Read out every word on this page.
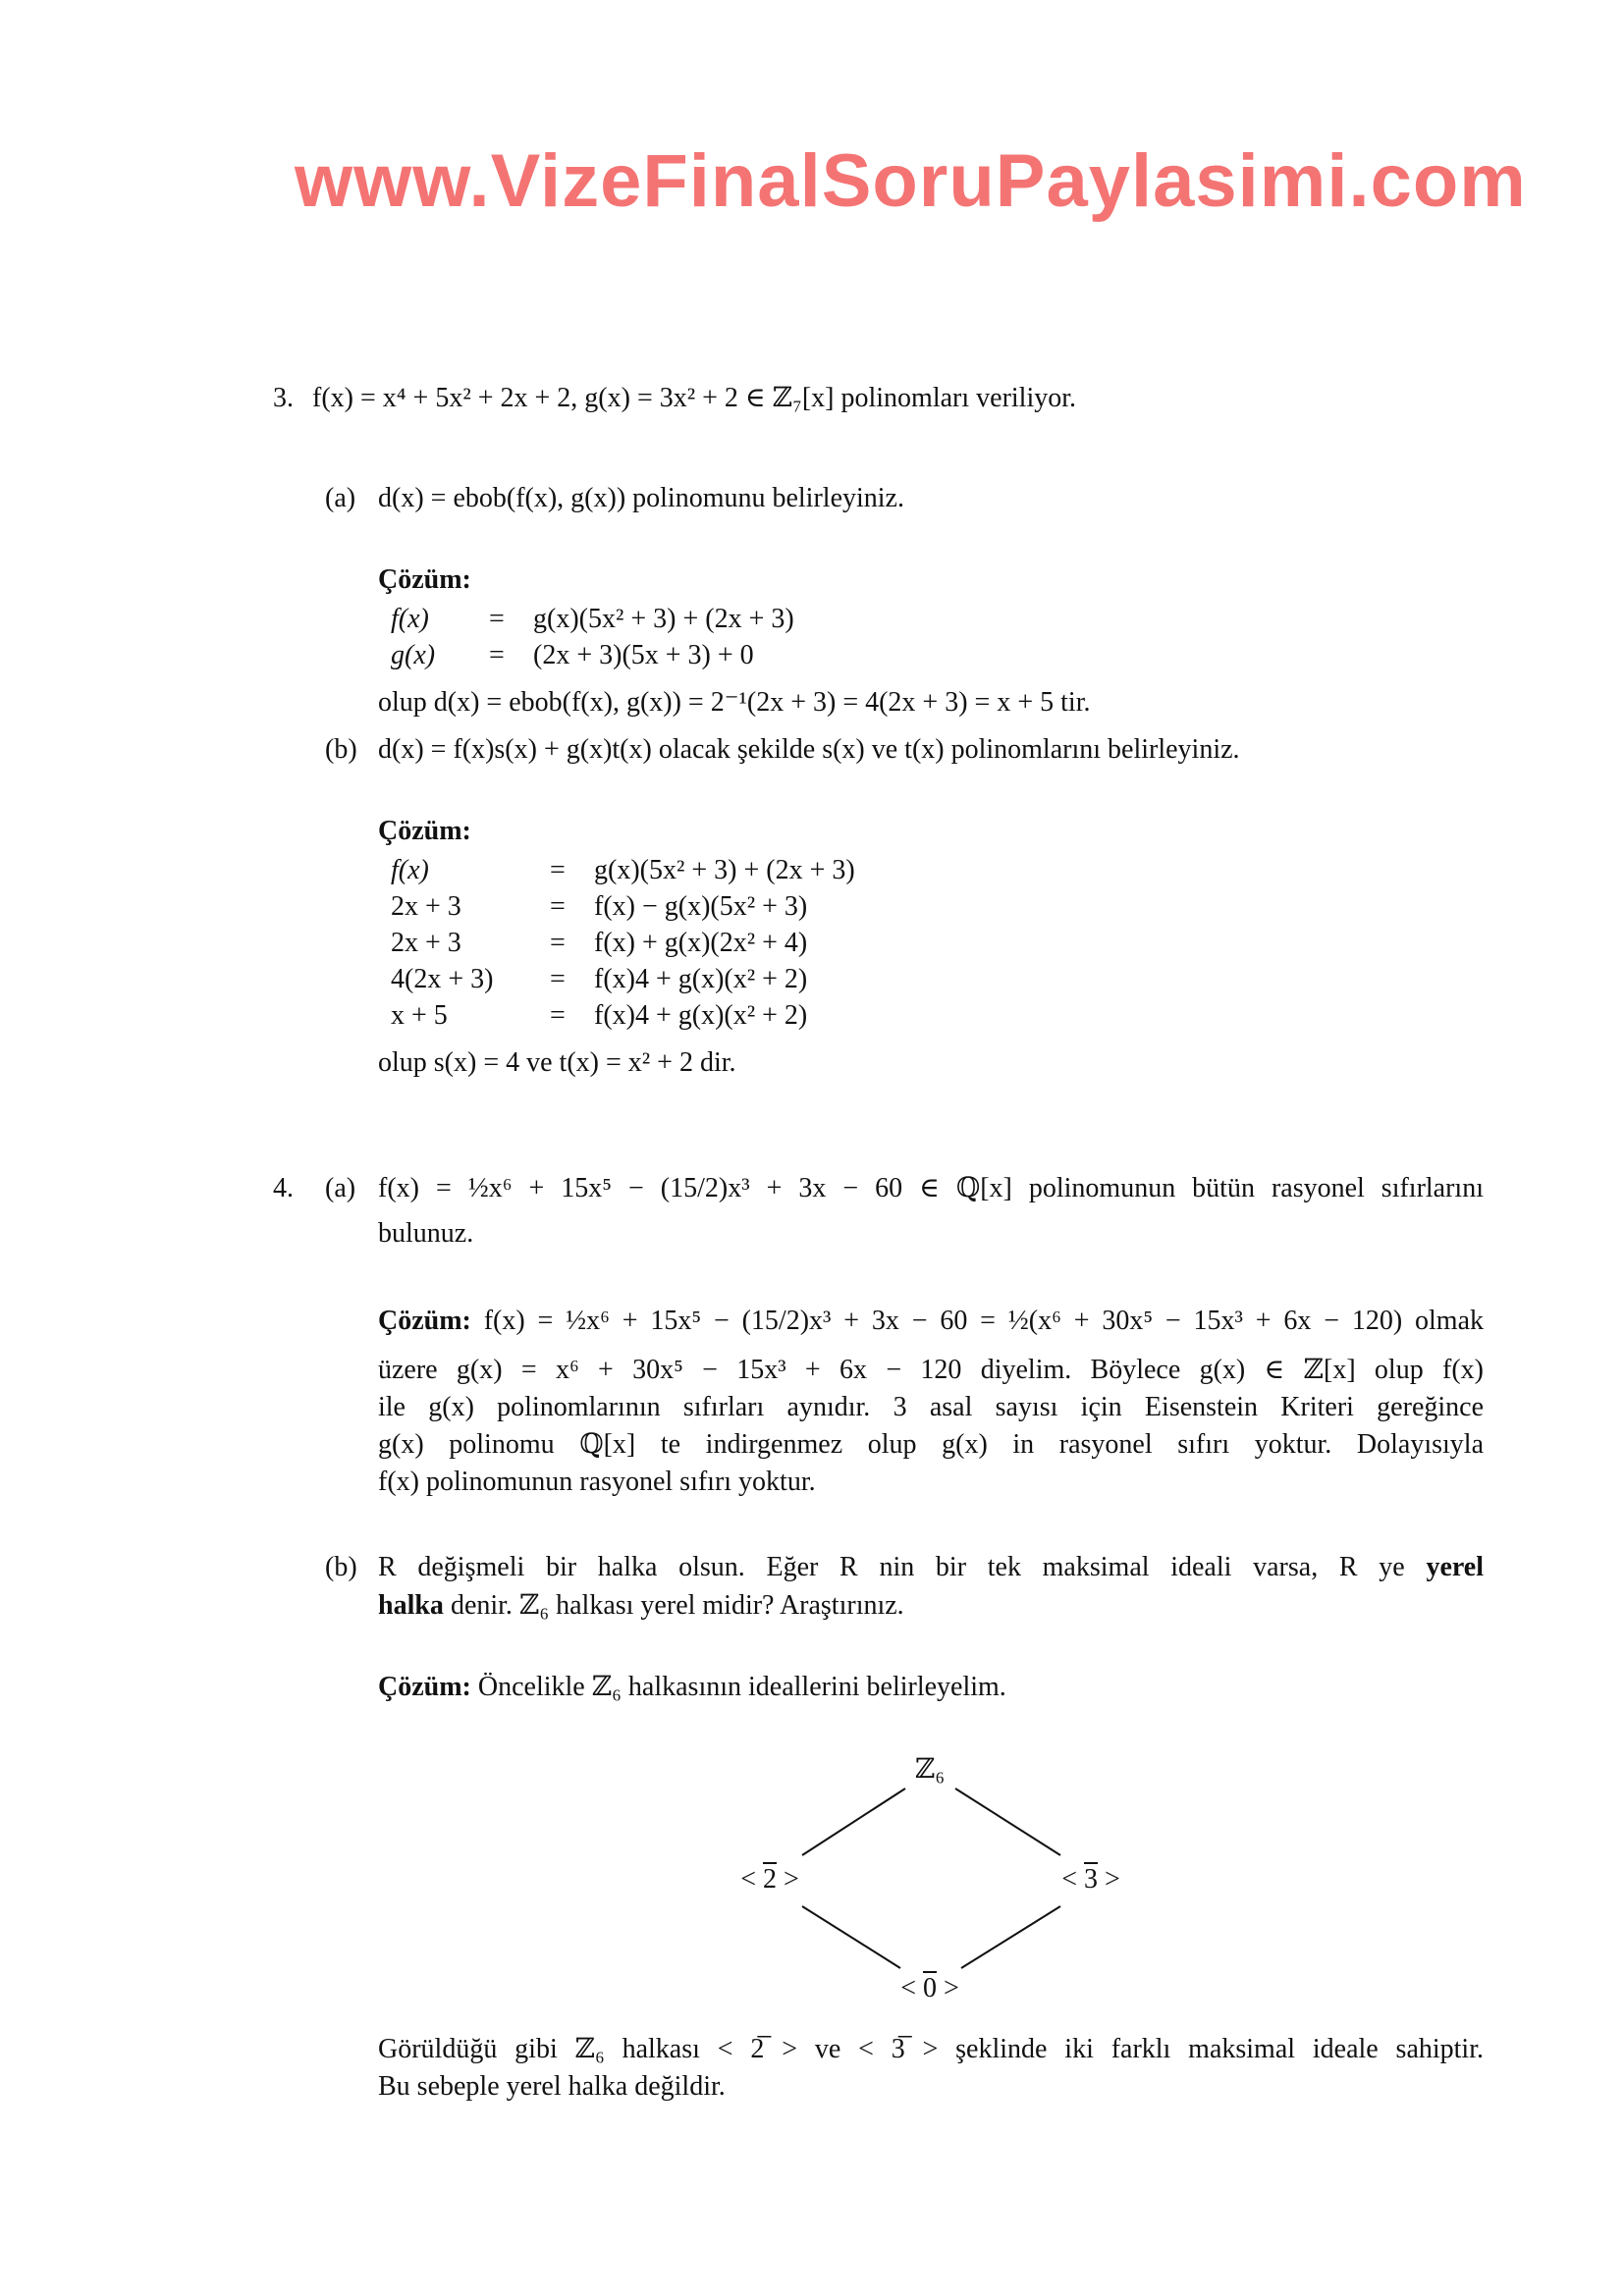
www.VizeFinalSoruPaylasimi.com
3. f(x) = x⁴ + 5x² + 2x + 2, g(x) = 3x² + 2 ∈ ℤ₇[x] polinomları veriliyor.
(a) d(x) = ebob(f(x), g(x)) polinomunu belirleyiniz.
Çözüm:
f(x)	=	g(x)(5x² + 3) + (2x + 3)
g(x)	=	(2x + 3)(5x + 3) + 0
olup d(x) = ebob(f(x), g(x)) = 2⁻¹(2x + 3) = 4(2x + 3) = x + 5 tir.
(b) d(x) = f(x)s(x) + g(x)t(x) olacak şekilde s(x) ve t(x) polinomlarını belirleyiniz.
Çözüm:
f(x)	=	g(x)(5x² + 3) + (2x + 3)
2x + 3	=	f(x) − g(x)(5x² + 3)
2x + 3	=	f(x) + g(x)(2x² + 4)
4(2x + 3)	=	f(x)4 + g(x)(x² + 2)
x + 5	=	f(x)4 + g(x)(x² + 2)
olup s(x) = 4 ve t(x) = x² + 2 dir.
4. (a) f(x) = ½x⁶ + 15x⁵ − (15/2)x³ + 3x − 60 ∈ ℚ[x] polinomunun bütün rasyonel sıfırlarını
bulunuz.
Çözüm: f(x) = ½x⁶ + 15x⁵ − (15/2)x³ + 3x − 60 = ½(x⁶ + 30x⁵ − 15x³ + 6x − 120) olmak
üzere g(x) = x⁶ + 30x⁵ − 15x³ + 6x − 120 diyelim. Böylece g(x) ∈ ℤ[x] olup f(x)
ile g(x) polinomlarının sıfırları aynıdır. 3 asal sayısı için Eisenstein Kriteri gereğince
g(x) polinomu ℚ[x] te indirgenmez olup g(x) in rasyonel sıfırı yoktur. Dolayısıyla
f(x) polinomunun rasyonel sıfırı yoktur.
(b) R değişmeli bir halka olsun. Eğer R nin bir tek maksimal ideali varsa, R ye yerel
halka denir. ℤ₆ halkası yerel midir? Araştırınız.
Çözüm: Öncelikle ℤ₆ halkasının ideallerini belirleyelim.
ℤ₆
< 2 >	< 3 >
< 0 >
Görüldüğü gibi ℤ₆ halkası < 2̅ > ve < 3̅ > şeklinde iki farklı maksimal ideale sahiptir.
Bu sebeple yerel halka değildir.
